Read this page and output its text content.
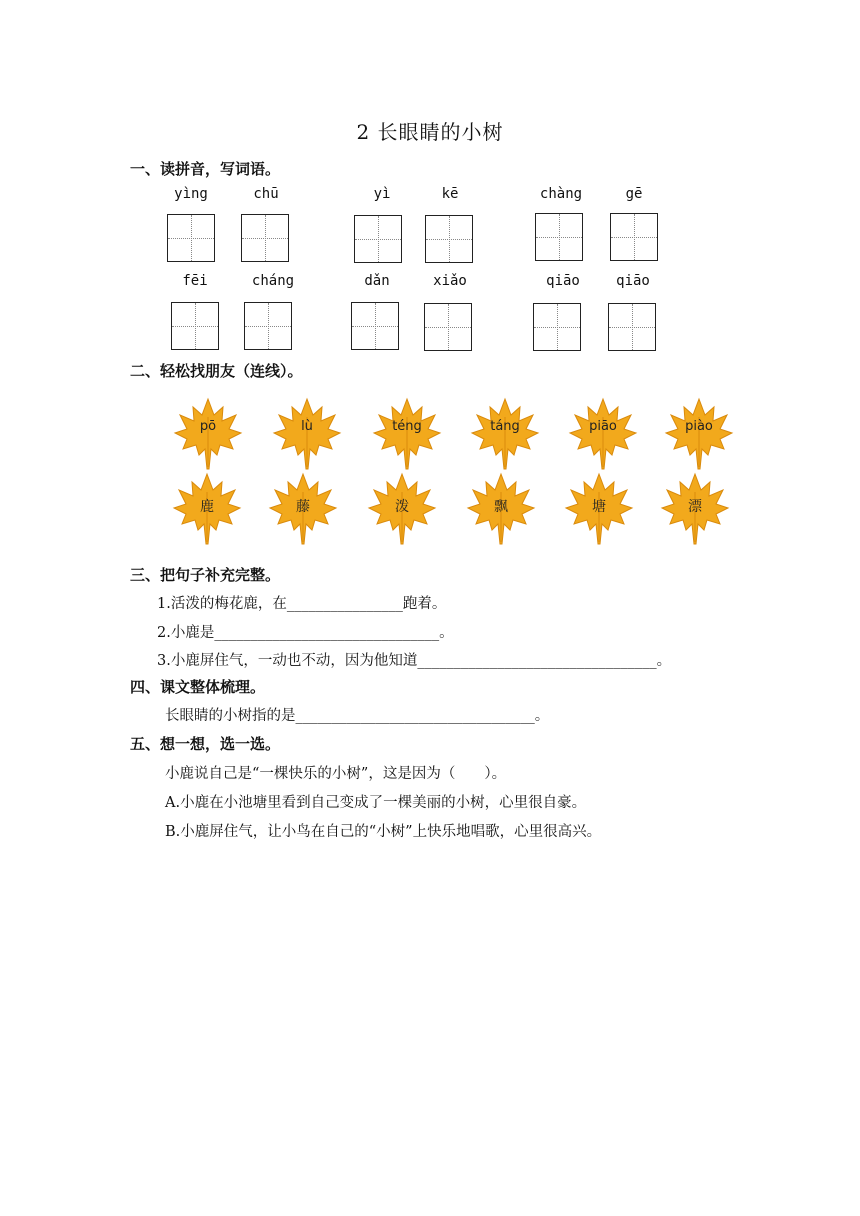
2 长眼睛的小树
一、读拼音，写词语。
yìng	chū	yì	kē	chàng	gē
fēi	cháng	dǎn	xiǎo	qiāo	qiāo
二、轻松找朋友（连线）。
pō	lù	téng	táng	piāo	piào
鹿	藤	泼	飘	塘	漂
三、把句子补充完整。
1.活泼的梅花鹿，在________________跑着。
2.小鹿是_______________________________。
3.小鹿屏住气，一动也不动，因为他知道_________________________________。
四、课文整体梳理。
长眼睛的小树指的是_________________________________。
五、想一想，选一选。
小鹿说自己是“一棵快乐的小树”，这是因为（　　）。
A.小鹿在小池塘里看到自己变成了一棵美丽的小树，心里很自豪。
B.小鹿屏住气，让小鸟在自己的“小树”上快乐地唱歌，心里很高兴。
